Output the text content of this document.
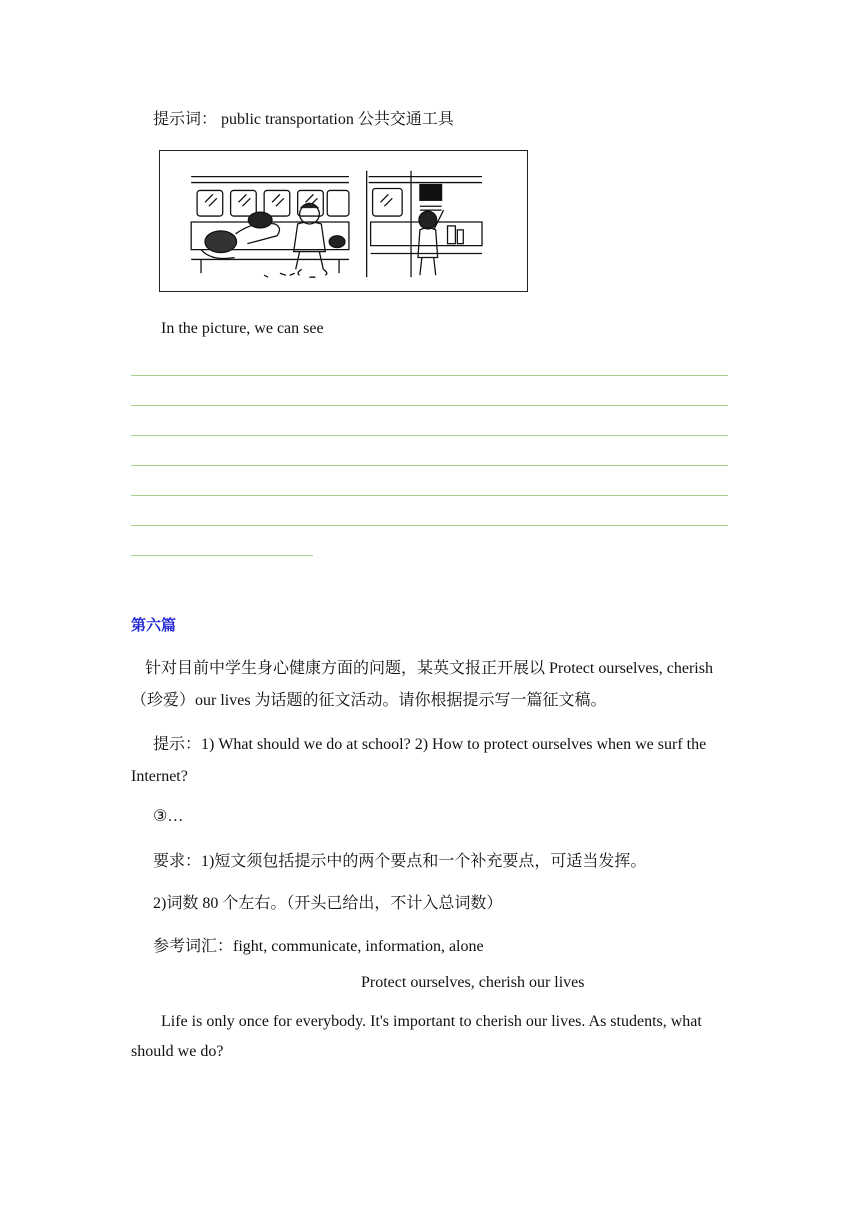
提示词： public transportation 公共交通工具
In the picture, we can see
第六篇
针对目前中学生身心健康方面的问题，某英文报正开展以 Protect ourselves, cherish（珍爱）our lives 为话题的征文活动。请你根据提示写一篇征文稿。
提示：1) What should we do at school? 2) How to protect ourselves when we surf the Internet?
③…
要求：1)短文须包括提示中的两个要点和一个补充要点，可适当发挥。
2)词数 80 个左右。（开头已给出，不计入总词数）
参考词汇：fight, communicate, information, alone
Protect ourselves, cherish our lives
Life is only once for everybody. It's important to cherish our lives. As students, what should we do?
